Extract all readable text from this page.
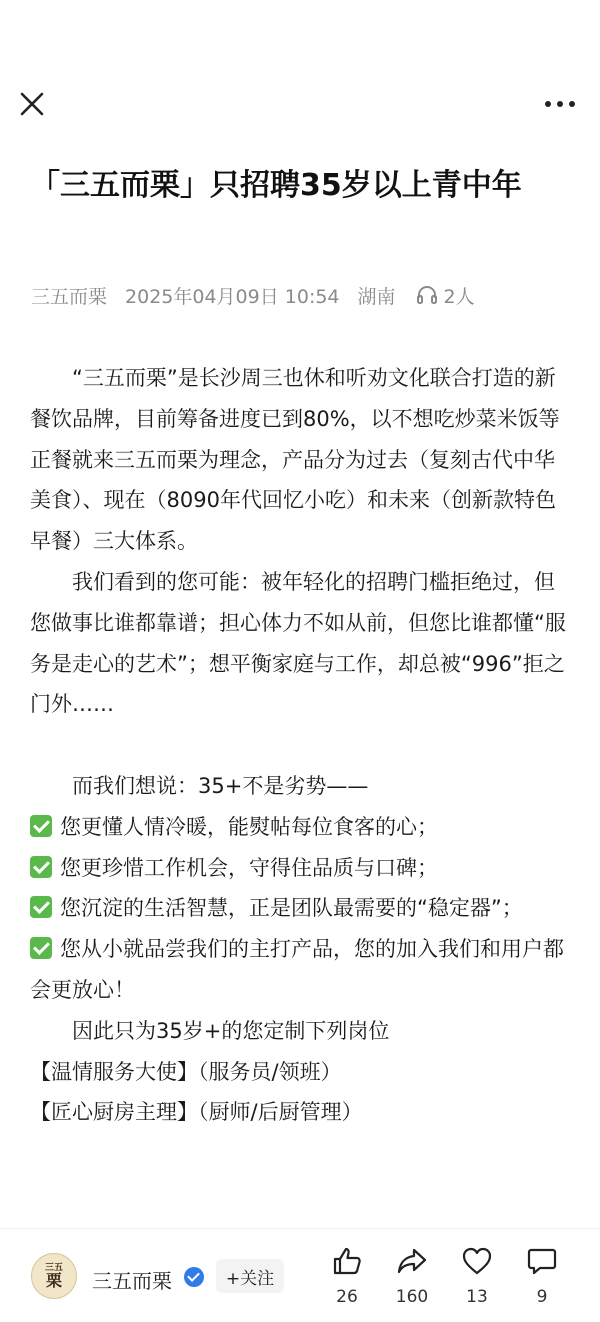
「三五而栗」只招聘35岁以上青中年
三五而栗 2025年04月09日 10:54 湖南	2人

“三五而栗”是长沙周三也休和听劝文化联合打造的新餐饮品牌，目前筹备进度已到80%，以不想吃炒菜米饭等正餐就来三五而栗为理念，产品分为过去（复刻古代中华美食）、现在（8090年代回忆小吃）和未来（创新款特色早餐）三大体系。

我们看到的您可能：被年轻化的招聘门槛拒绝过，但您做事比谁都靠谱；担心体力不如从前，但您比谁都懂“服务是走心的艺术”；想平衡家庭与工作，却总被“996”拒之门外……

而我们想说：35+不是劣势——

您更懂人情冷暖，能熨帖每位食客的心；

您更珍惜工作机会，守得住品质与口碑；

您沉淀的生活智慧，正是团队最需要的“稳定器”；

您从小就品尝我们的主打产品，您的加入我们和用户都会更放心！

因此只为35岁+的您定制下列岗位

【温情服务大使】（服务员/领班）

【匠心厨房主理】（厨师/后厨管理）

三五
栗 三五而栗	+关注
26	160	13	9
